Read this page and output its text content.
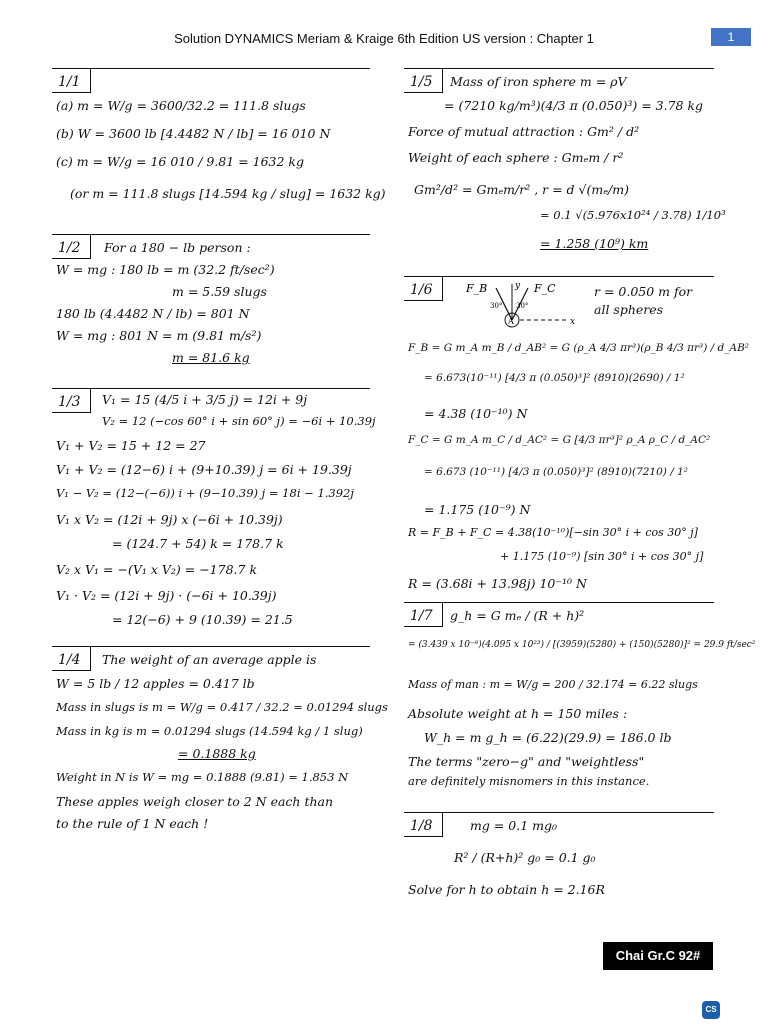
Solution DYNAMICS Meriam & Kraige 6th Edition US version : Chapter 1	1
1/1
(a) m = W/g = 3600/32.2 = 111.8 slugs
(b) W = 3600 lb [4.4482 N / lb] = 16 010 N
(c) m = W/g = 16 010 / 9.81 = 1632 kg
(or m = 111.8 slugs [14.594 kg / slug] = 1632 kg)
1/2 For a 180 − lb person :
W = mg : 180 lb = m (32.2 ft/sec²)
m = 5.59 slugs
180 lb (4.4482 N / lb) = 801 N
W = mg : 801 N = m (9.81 m/s²)
m = 81.6 kg
1/3 V₁ = 15 (4/5 i + 3/5 j) = 12i + 9j
V₂ = 12 (−cos 60° i + sin 60° j) = −6i + 10.39j
V₁ + V₂ = 15 + 12 = 27
V₁ + V₂ = (12−6) i + (9+10.39) j = 6i + 19.39j
V₁ − V₂ = (12−(−6)) i + (9−10.39) j = 18i − 1.392j
V₁ x V₂ = (12i + 9j) x (−6i + 10.39j)
= (124.7 + 54) k = 178.7 k
V₂ x V₁ = −(V₁ x V₂) = −178.7 k
V₁ · V₂ = (12i + 9j) · (−6i + 10.39j)
= 12(−6) + 9 (10.39) = 21.5
1/4 The weight of an average apple is
W = 5 lb / 12 apples = 0.417 lb
Mass in slugs is m = W/g = 0.417 / 32.2 = 0.01294 slugs
Mass in kg is m = 0.01294 slugs (14.594 kg / 1 slug)
= 0.1888 kg
Weight in N is W = mg = 0.1888 (9.81) = 1.853 N
These apples weigh closer to 2 N each than
to the rule of 1 N each !
1/5 Mass of iron sphere m = ρV
= (7210 kg/m³)(4/3 π (0.050)³) = 3.78 kg
Force of mutual attraction : Gm² / d²
Weight of each sphere : Gmₑm / r²
Gm²/d² = Gmₑm/r² , r = d √(mₑ/m)
= 0.1 √(5.976x10²⁴ / 3.78) 1/10³
= 1.258 (10⁹) km
1/6	F_B	F_C
y
x
A
30° 30°
r = 0.050 m for
all spheres
F_B = G m_A m_B / d_AB² = G (ρ_A 4/3 πr³)(ρ_B 4/3 πr³) / d_AB²
= 6.673(10⁻¹¹) [4/3 π (0.050)³]² (8910)(2690) / 1²
= 4.38 (10⁻¹⁰) N
F_C = G m_A m_C / d_AC² = G [4/3 πr³]² ρ_A ρ_C / d_AC²
= 6.673 (10⁻¹¹) [4/3 π (0.050)³]² (8910)(7210) / 1²
= 1.175 (10⁻⁹) N
R = F_B + F_C = 4.38(10⁻¹⁰)[−sin 30° i + cos 30° j]
+ 1.175 (10⁻⁹) [sin 30° i + cos 30° j]
R = (3.68i + 13.98j) 10⁻¹⁰ N
1/7 g_h = G mₑ / (R + h)²
= (3.439 x 10⁻⁸)(4.095 x 10²³) / [(3959)(5280) + (150)(5280)]² = 29.9 ft/sec²
Mass of man : m = W/g = 200 / 32.174 = 6.22 slugs
Absolute weight at h = 150 miles :
W_h = m g_h = (6.22)(29.9) = 186.0 lb
The terms "zero−g" and "weightless"
are definitely misnomers in this instance.
1/8	mg = 0.1 mg₀
R² / (R+h)² g₀ = 0.1 g₀
Solve for h to obtain h = 2.16R
Chai Gr.C 92#
CS
